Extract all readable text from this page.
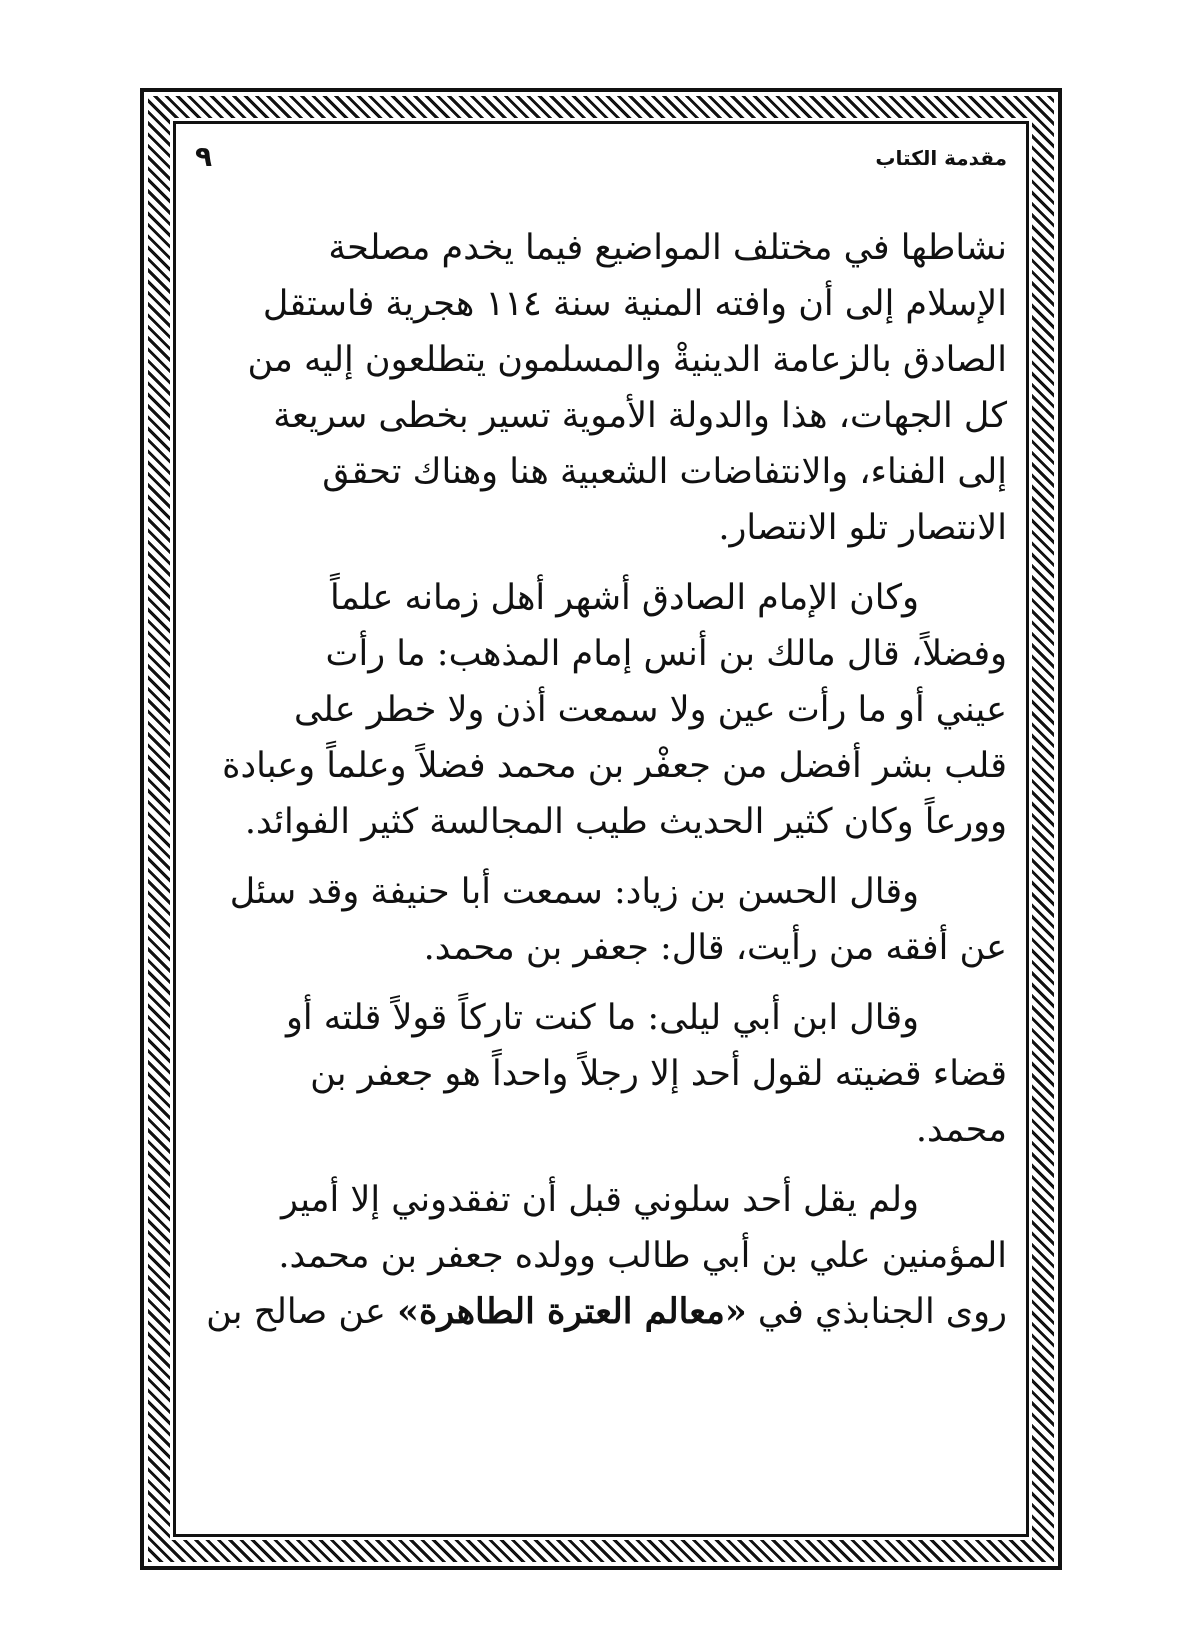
مقدمة الكتاب
٩
نشاطها في مختلف المواضيع فيما يخدم مصلحة
الإسلام إلى أن وافته المنية سنة ١١٤ هجرية فاستقل
الصادق بالزعامة الدينيةْ والمسلمون يتطلعون إليه من
كل الجهات، هذا والدولة الأموية تسير بخطى سريعة
إلى الفناء، والانتفاضات الشعبية هنا وهناك تحقق
الانتصار تلو الانتصار.
وكان الإمام الصادق أشهر أهل زمانه علماً
وفضلاً، قال مالك بن أنس إمام المذهب: ما رأت
عيني أو ما رأت عين ولا سمعت أذن ولا خطر على
قلب بشر أفضل من جعفْر بن محمد فضلاً وعلماً وعبادة
وورعاً وكان كثير الحديث طيب المجالسة كثير الفوائد.
وقال الحسن بن زياد: سمعت أبا حنيفة وقد سئل
عن أفقه من رأيت، قال: جعفر بن محمد.
وقال ابن أبي ليلى: ما كنت تاركاً قولاً قلته أو
قضاء قضيته لقول أحد إلا رجلاً واحداً هو جعفر بن
محمد.
ولم يقل أحد سلوني قبل أن تفقدوني إلا أمير
المؤمنين علي بن أبي طالب وولده جعفر بن محمد.
روى الجنابذي في «معالم العترة الطاهرة» عن صالح بن
